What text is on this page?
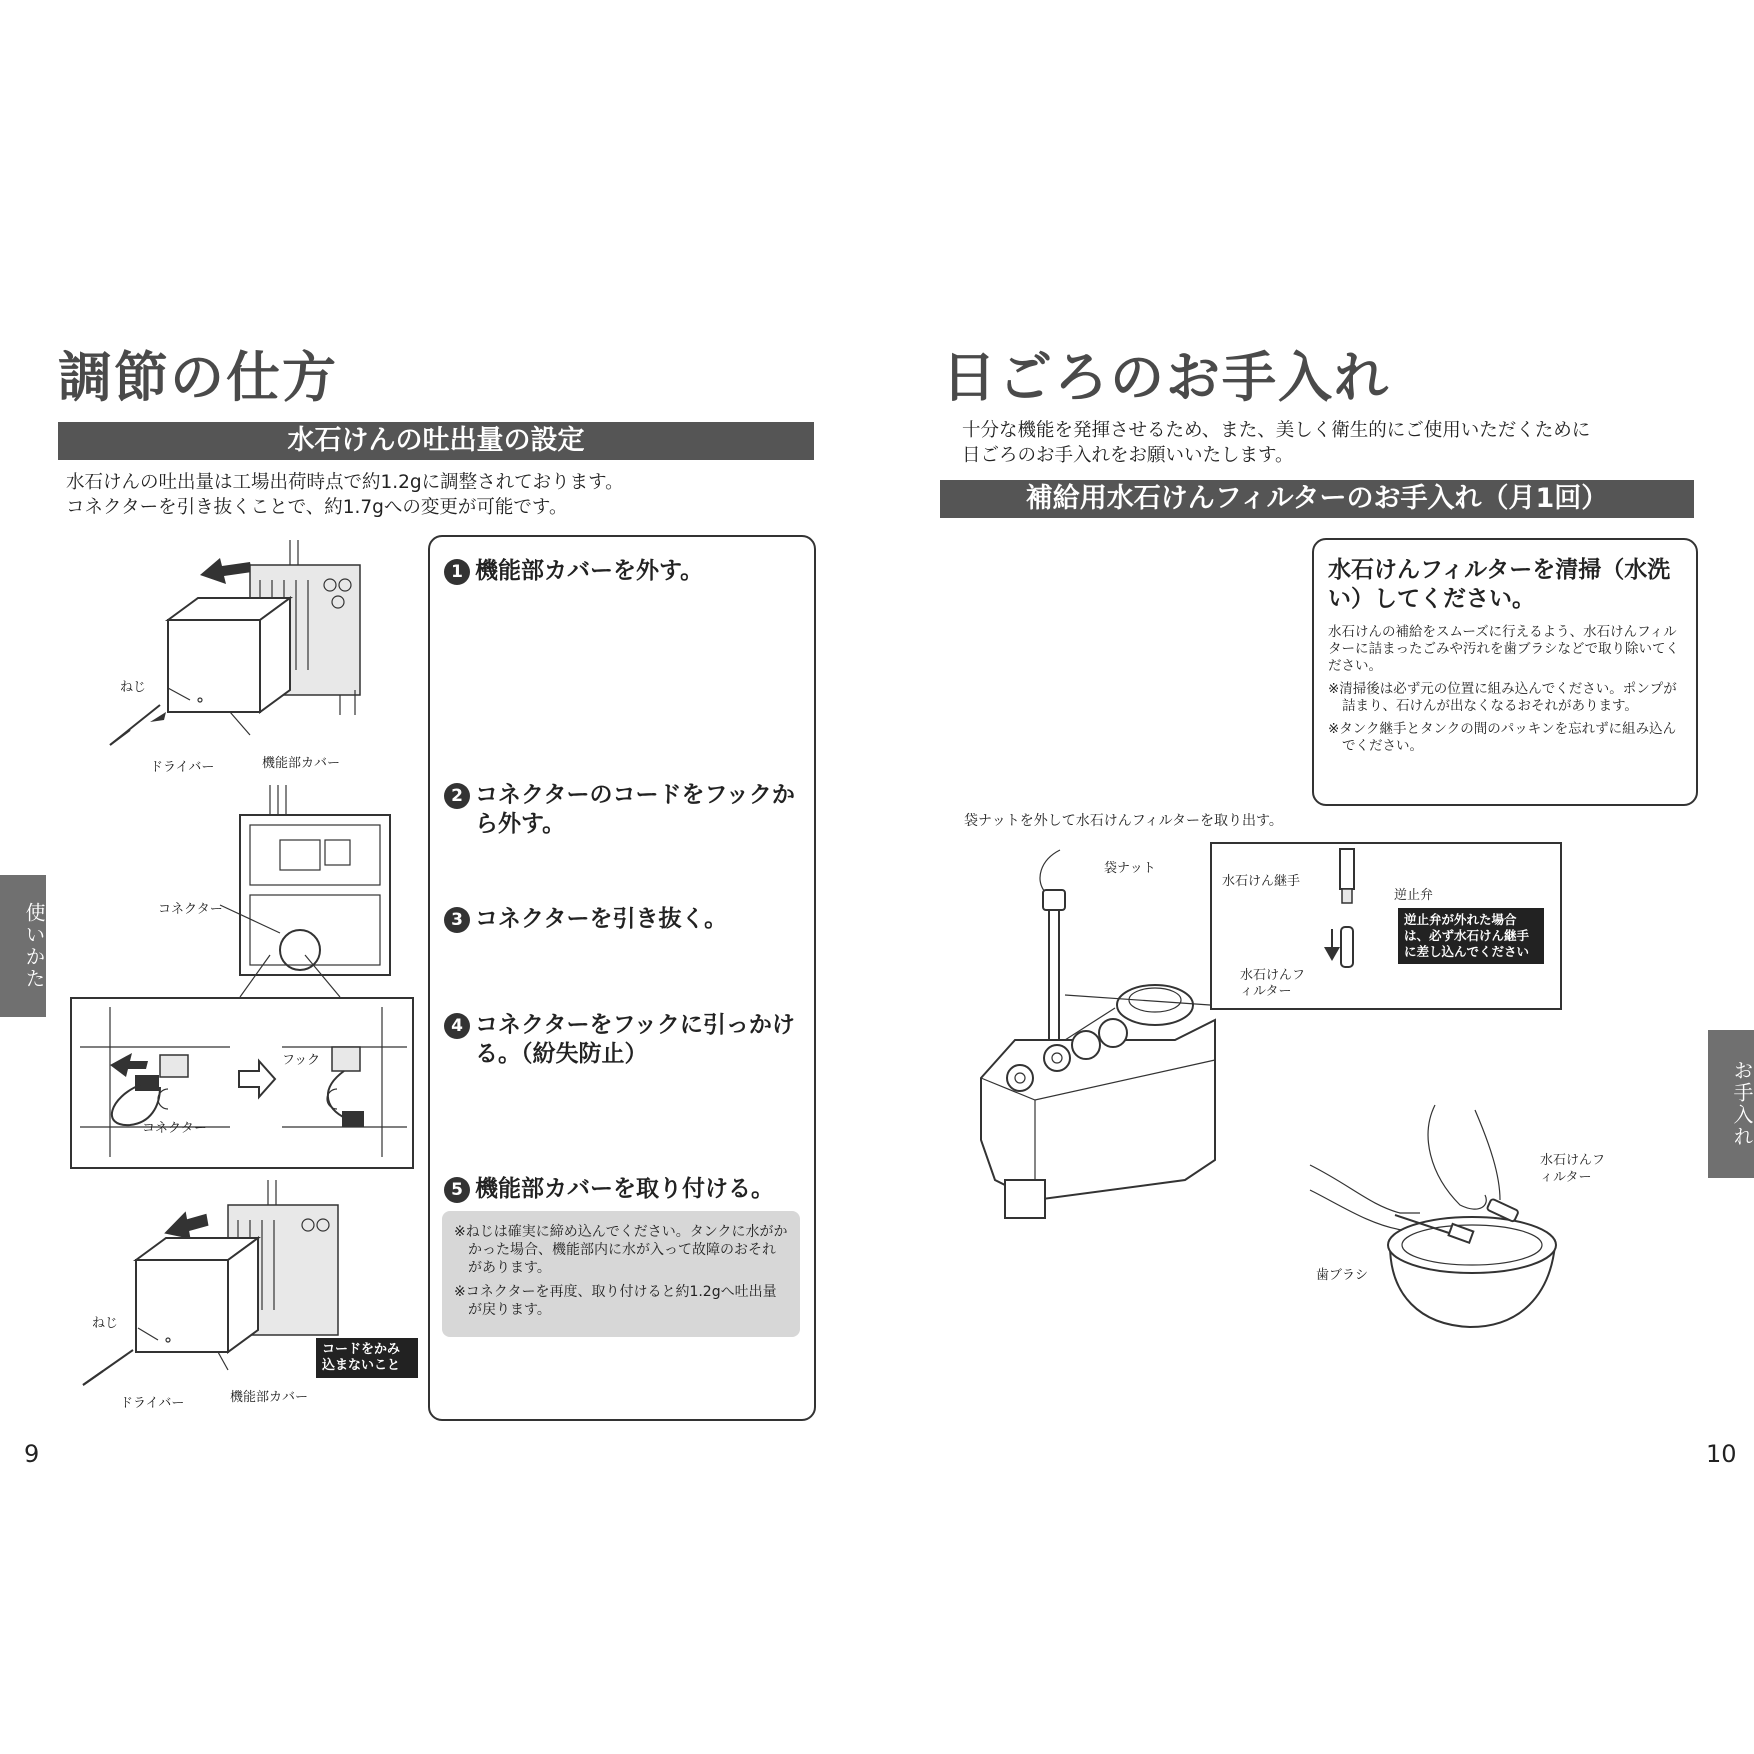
調節の仕方
水石けんの吐出量の設定
水石けんの吐出量は工場出荷時点で約1.2gに調整されております。
コネクターを引き抜くことで、約1.7gへの変更が可能です。
ねじ
ドライバー	機能部カバー
コネクター
フック
コネクター
ねじ
ドライバー	機能部カバー
コードをかみ込まないこと
1 機能部カバーを外す。
2 コネクターのコードをフックから外す。
3 コネクターを引き抜く。
4 コネクターをフックに引っかける。（紛失防止）
5 機能部カバーを取り付ける。

※ねじは確実に締め込んでください。タンクに水がかかった場合、機能部内に水が入って故障のおそれがあります。

※コネクターを再度、取り付けると約1.2gへ吐出量が戻ります。

使いかた
9
日ごろのお手入れ
十分な機能を発揮させるため、また、美しく衛生的にご使用いただくために
日ごろのお手入れをお願いいたします。
補給用水石けんフィルターのお手入れ（月1回）
水石けんフィルターを清掃（水洗い）してください。

水石けんの補給をスムーズに行えるよう、水石けんフィルターに詰まったごみや汚れを歯ブラシなどで取り除いてください。

※清掃後は必ず元の位置に組み込んでください。ポンプが詰まり、石けんが出なくなるおそれがあります。

※タンク継手とタンクの間のパッキンを忘れずに組み込んでください。

袋ナットを外して水石けんフィルターを取り出す。
袋ナット
水石けん継手
逆止弁
水石けんフィルター
逆止弁が外れた場合は、必ず水石けん継手に差し込んでください
水石けんフィルター
歯ブラシ
お手入れ
10
